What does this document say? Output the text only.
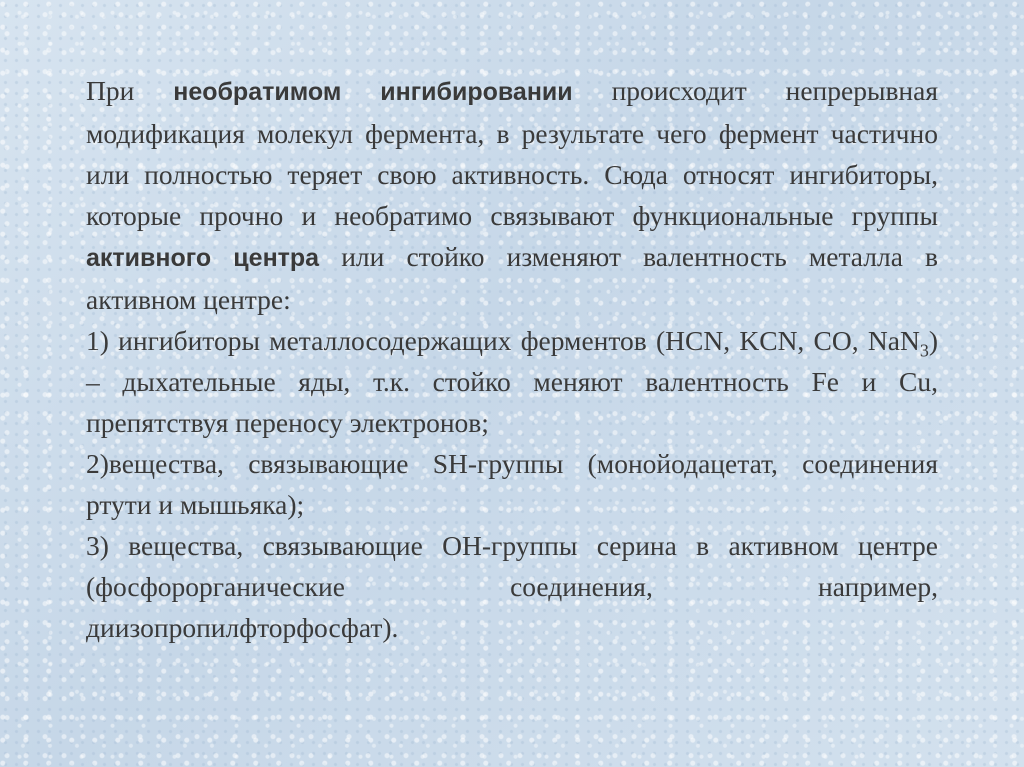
При необратимом ингибировании происходит непрерывная модификация молекул фермента, в результате чего фермент частично или полностью теряет свою активность. Сюда относят ингибиторы, которые прочно и необратимо связывают функциональные группы активного центра или стойко изменяют валентность металла в активном центре:

1) ингибиторы металлосодержащих ферментов (HCN, KCN, CO, NaN$_3$) – дыхательные яды, т.к. стойко меняют валентность Fe и Cu, препятствуя переносу электронов;

2)вещества, связывающие SH-группы (монойодацетат, соединения ртути и мышьяка);

3) вещества, связывающие OH-группы серина в активном центре (фосфорорганические соединения, например, диизопропилфторфосфат).
